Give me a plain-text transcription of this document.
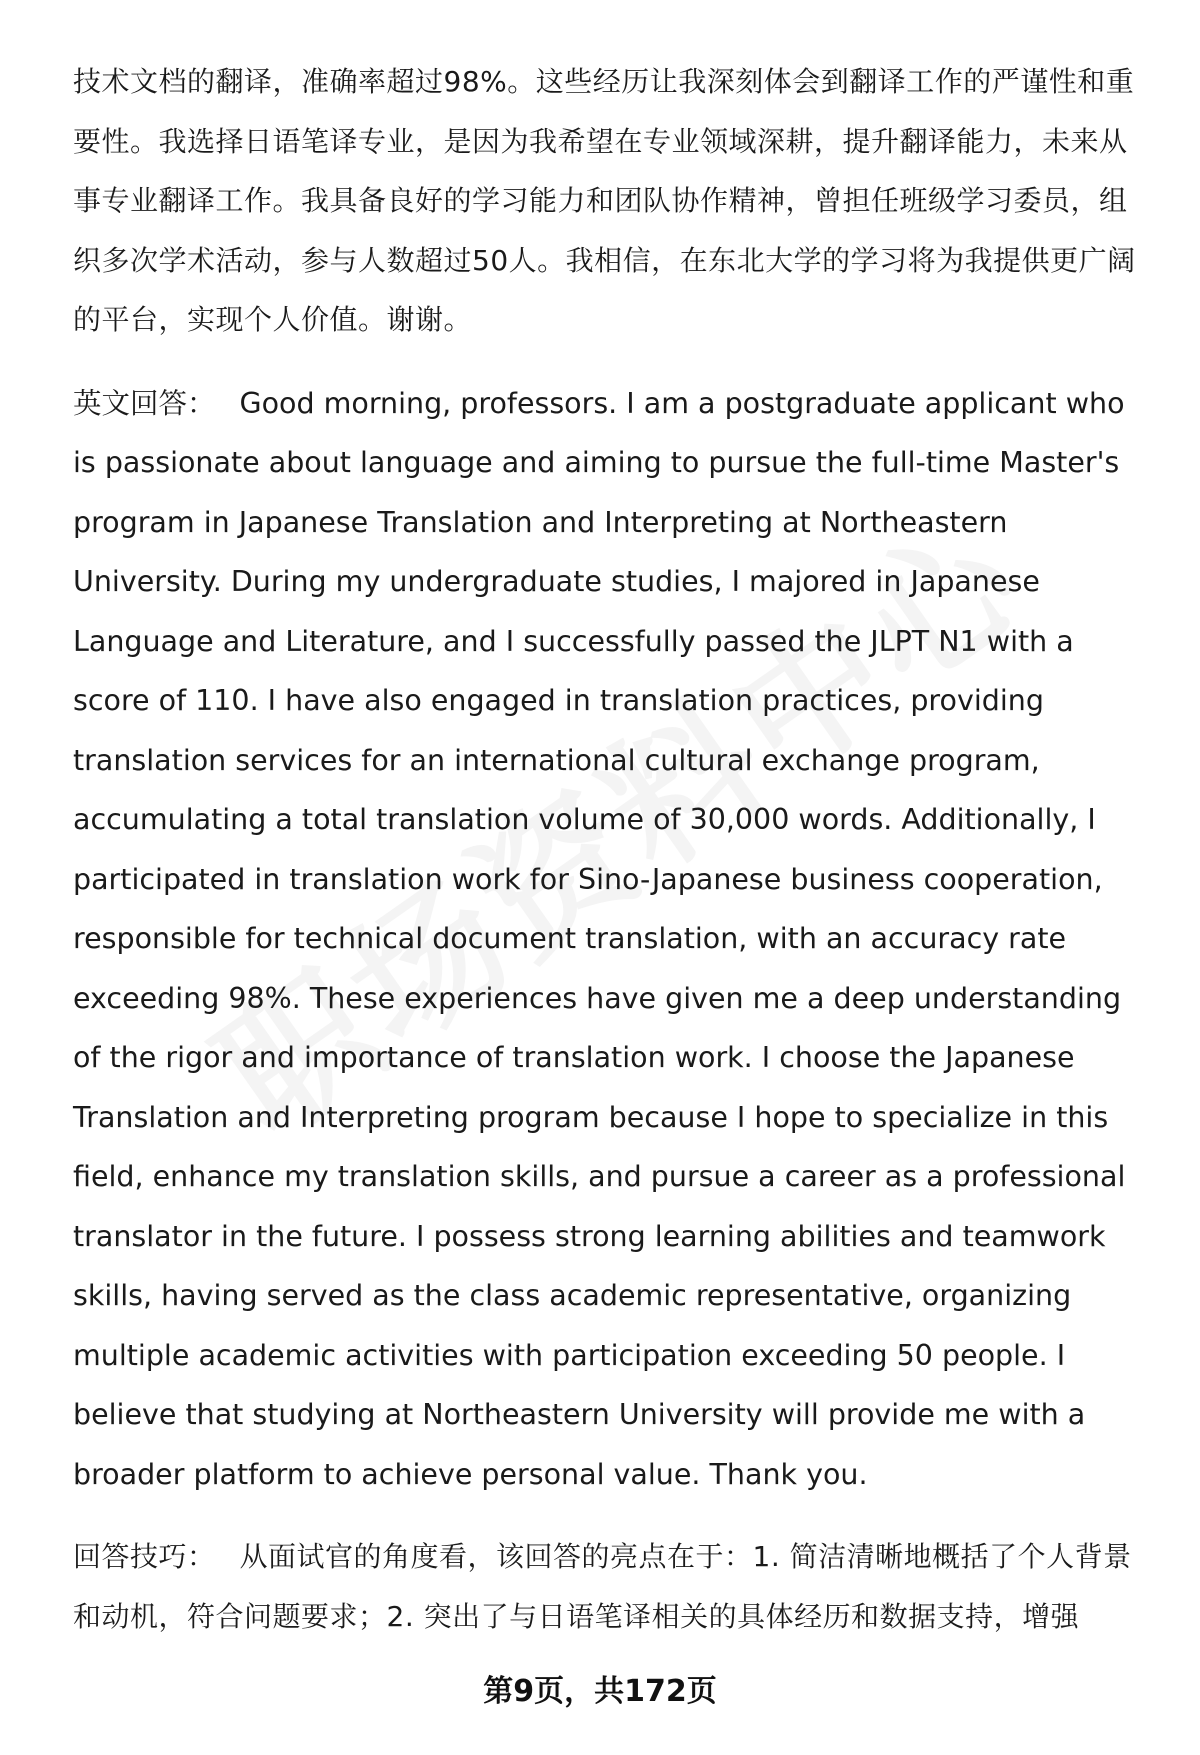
技术文档的翻译，准确率超过98%。这些经历让我深刻体会到翻译工作的严谨性和重要性。我选择日语笔译专业，是因为我希望在专业领域深耕，提升翻译能力，未来从事专业翻译工作。我具备良好的学习能力和团队协作精神，曾担任班级学习委员，组织多次学术活动，参与人数超过50人。我相信，在东北大学的学习将为我提供更广阔的平台，实现个人价值。谢谢。

英文回答： Good morning, professors. I am a postgraduate applicant who is passionate about language and aiming to pursue the full-time Master's program in Japanese Translation and Interpreting at Northeastern University. During my undergraduate studies, I majored in Japanese Language and Literature, and I successfully passed the JLPT N1 with a score of 110. I have also engaged in translation practices, providing translation services for an international cultural exchange program, accumulating a total translation volume of 30,000 words. Additionally, I participated in translation work for Sino-Japanese business cooperation, responsible for technical document translation, with an accuracy rate exceeding 98%. These experiences have given me a deep understanding of the rigor and importance of translation work. I choose the Japanese Translation and Interpreting program because I hope to specialize in this field, enhance my translation skills, and pursue a career as a professional translator in the future. I possess strong learning abilities and teamwork skills, having served as the class academic representative, organizing multiple academic activities with participation exceeding 50 people. I believe that studying at Northeastern University will provide me with a broader platform to achieve personal value. Thank you.

回答技巧： 从面试官的角度看，该回答的亮点在于：1. 简洁清晰地概括了个人背景和动机，符合问题要求；2. 突出了与日语笔译相关的具体经历和数据支持，增强

第9页，共172页
